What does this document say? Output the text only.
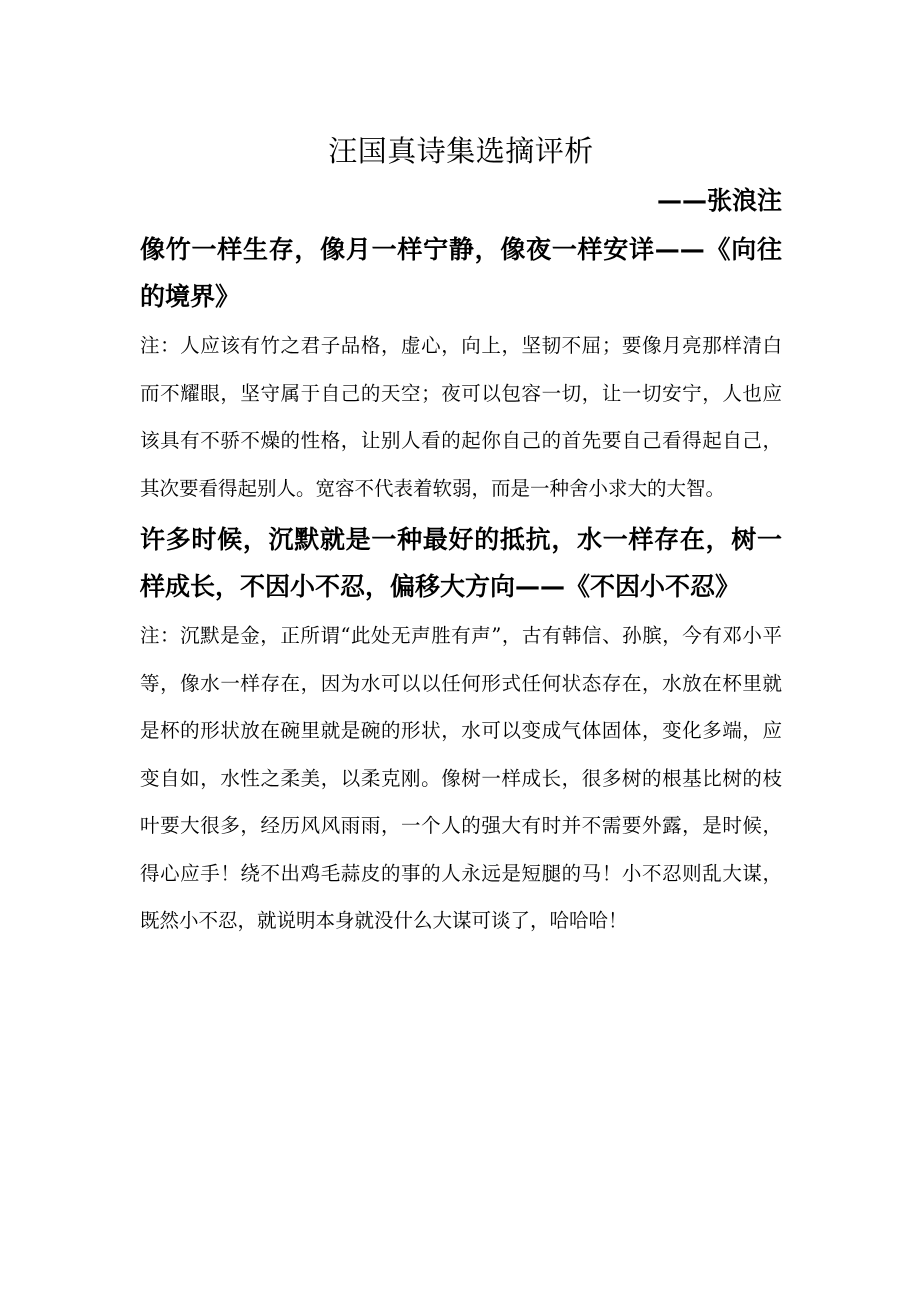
汪国真诗集选摘评析
——张浪注
像竹一样生存，像月一样宁静，像夜一样安详——《向往的境界》

注：人应该有竹之君子品格，虚心，向上，坚韧不屈；要像月亮那样清白而不耀眼，坚守属于自己的天空；夜可以包容一切，让一切安宁，人也应该具有不骄不燥的性格，让别人看的起你自己的首先要自己看得起自己，其次要看得起别人。宽容不代表着软弱，而是一种舍小求大的大智。

许多时候，沉默就是一种最好的抵抗，水一样存在，树一样成长，不因小不忍，偏移大方向——《不因小不忍》

注：沉默是金，正所谓“此处无声胜有声”，古有韩信、孙膑，今有邓小平等，像水一样存在，因为水可以以任何形式任何状态存在，水放在杯里就是杯的形状放在碗里就是碗的形状，水可以变成气体固体，变化多端，应变自如，水性之柔美，以柔克刚。像树一样成长，很多树的根基比树的枝叶要大很多，经历风风雨雨，一个人的强大有时并不需要外露，是时候，得心应手！绕不出鸡毛蒜皮的事的人永远是短腿的马！小不忍则乱大谋，既然小不忍，就说明本身就没什么大谋可谈了，哈哈哈！
